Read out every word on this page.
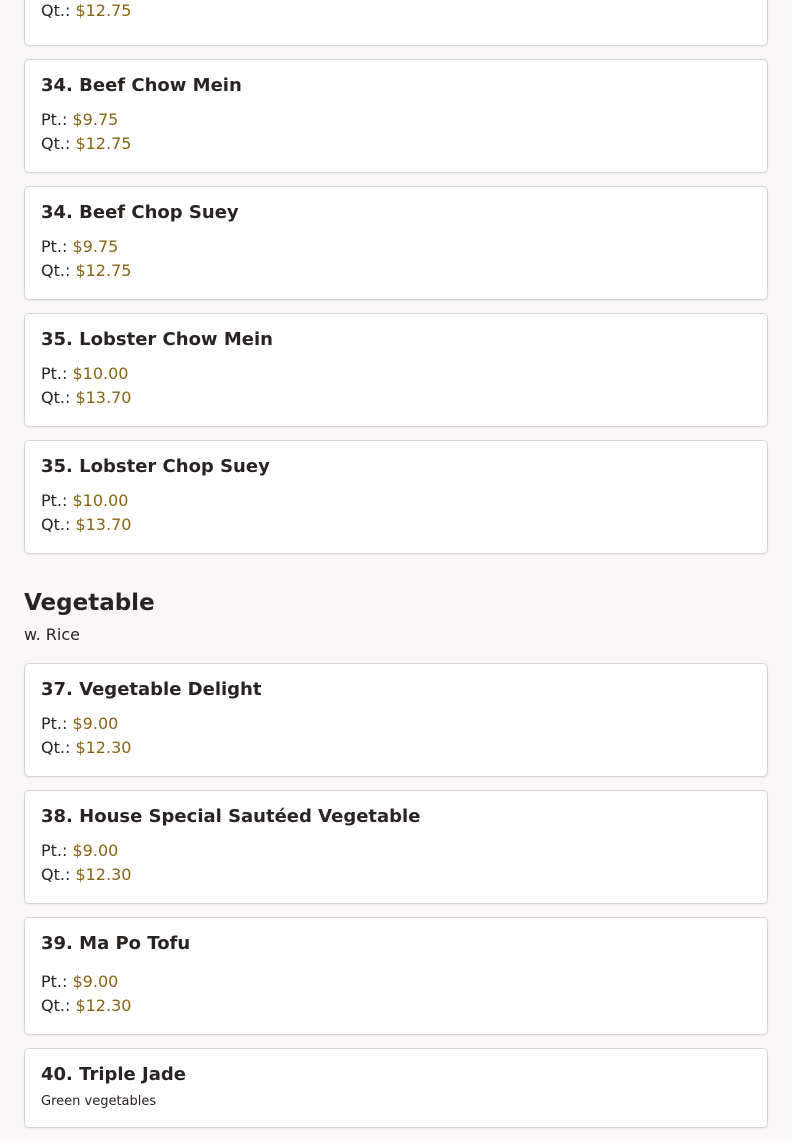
Qt.: $12.75
34. Beef Chow Mein
Pt.: $9.75
Qt.: $12.75
34. Beef Chop Suey
Pt.: $9.75
Qt.: $12.75
35. Lobster Chow Mein
Pt.: $10.00
Qt.: $13.70
35. Lobster Chop Suey
Pt.: $10.00
Qt.: $13.70
Vegetable
w. Rice
37. Vegetable Delight
Pt.: $9.00
Qt.: $12.30
38. House Special Sautéed Vegetable
Pt.: $9.00
Qt.: $12.30
39. Ma Po Tofu
Pt.: $9.00
Qt.: $12.30
40. Triple Jade
Green vegetables
